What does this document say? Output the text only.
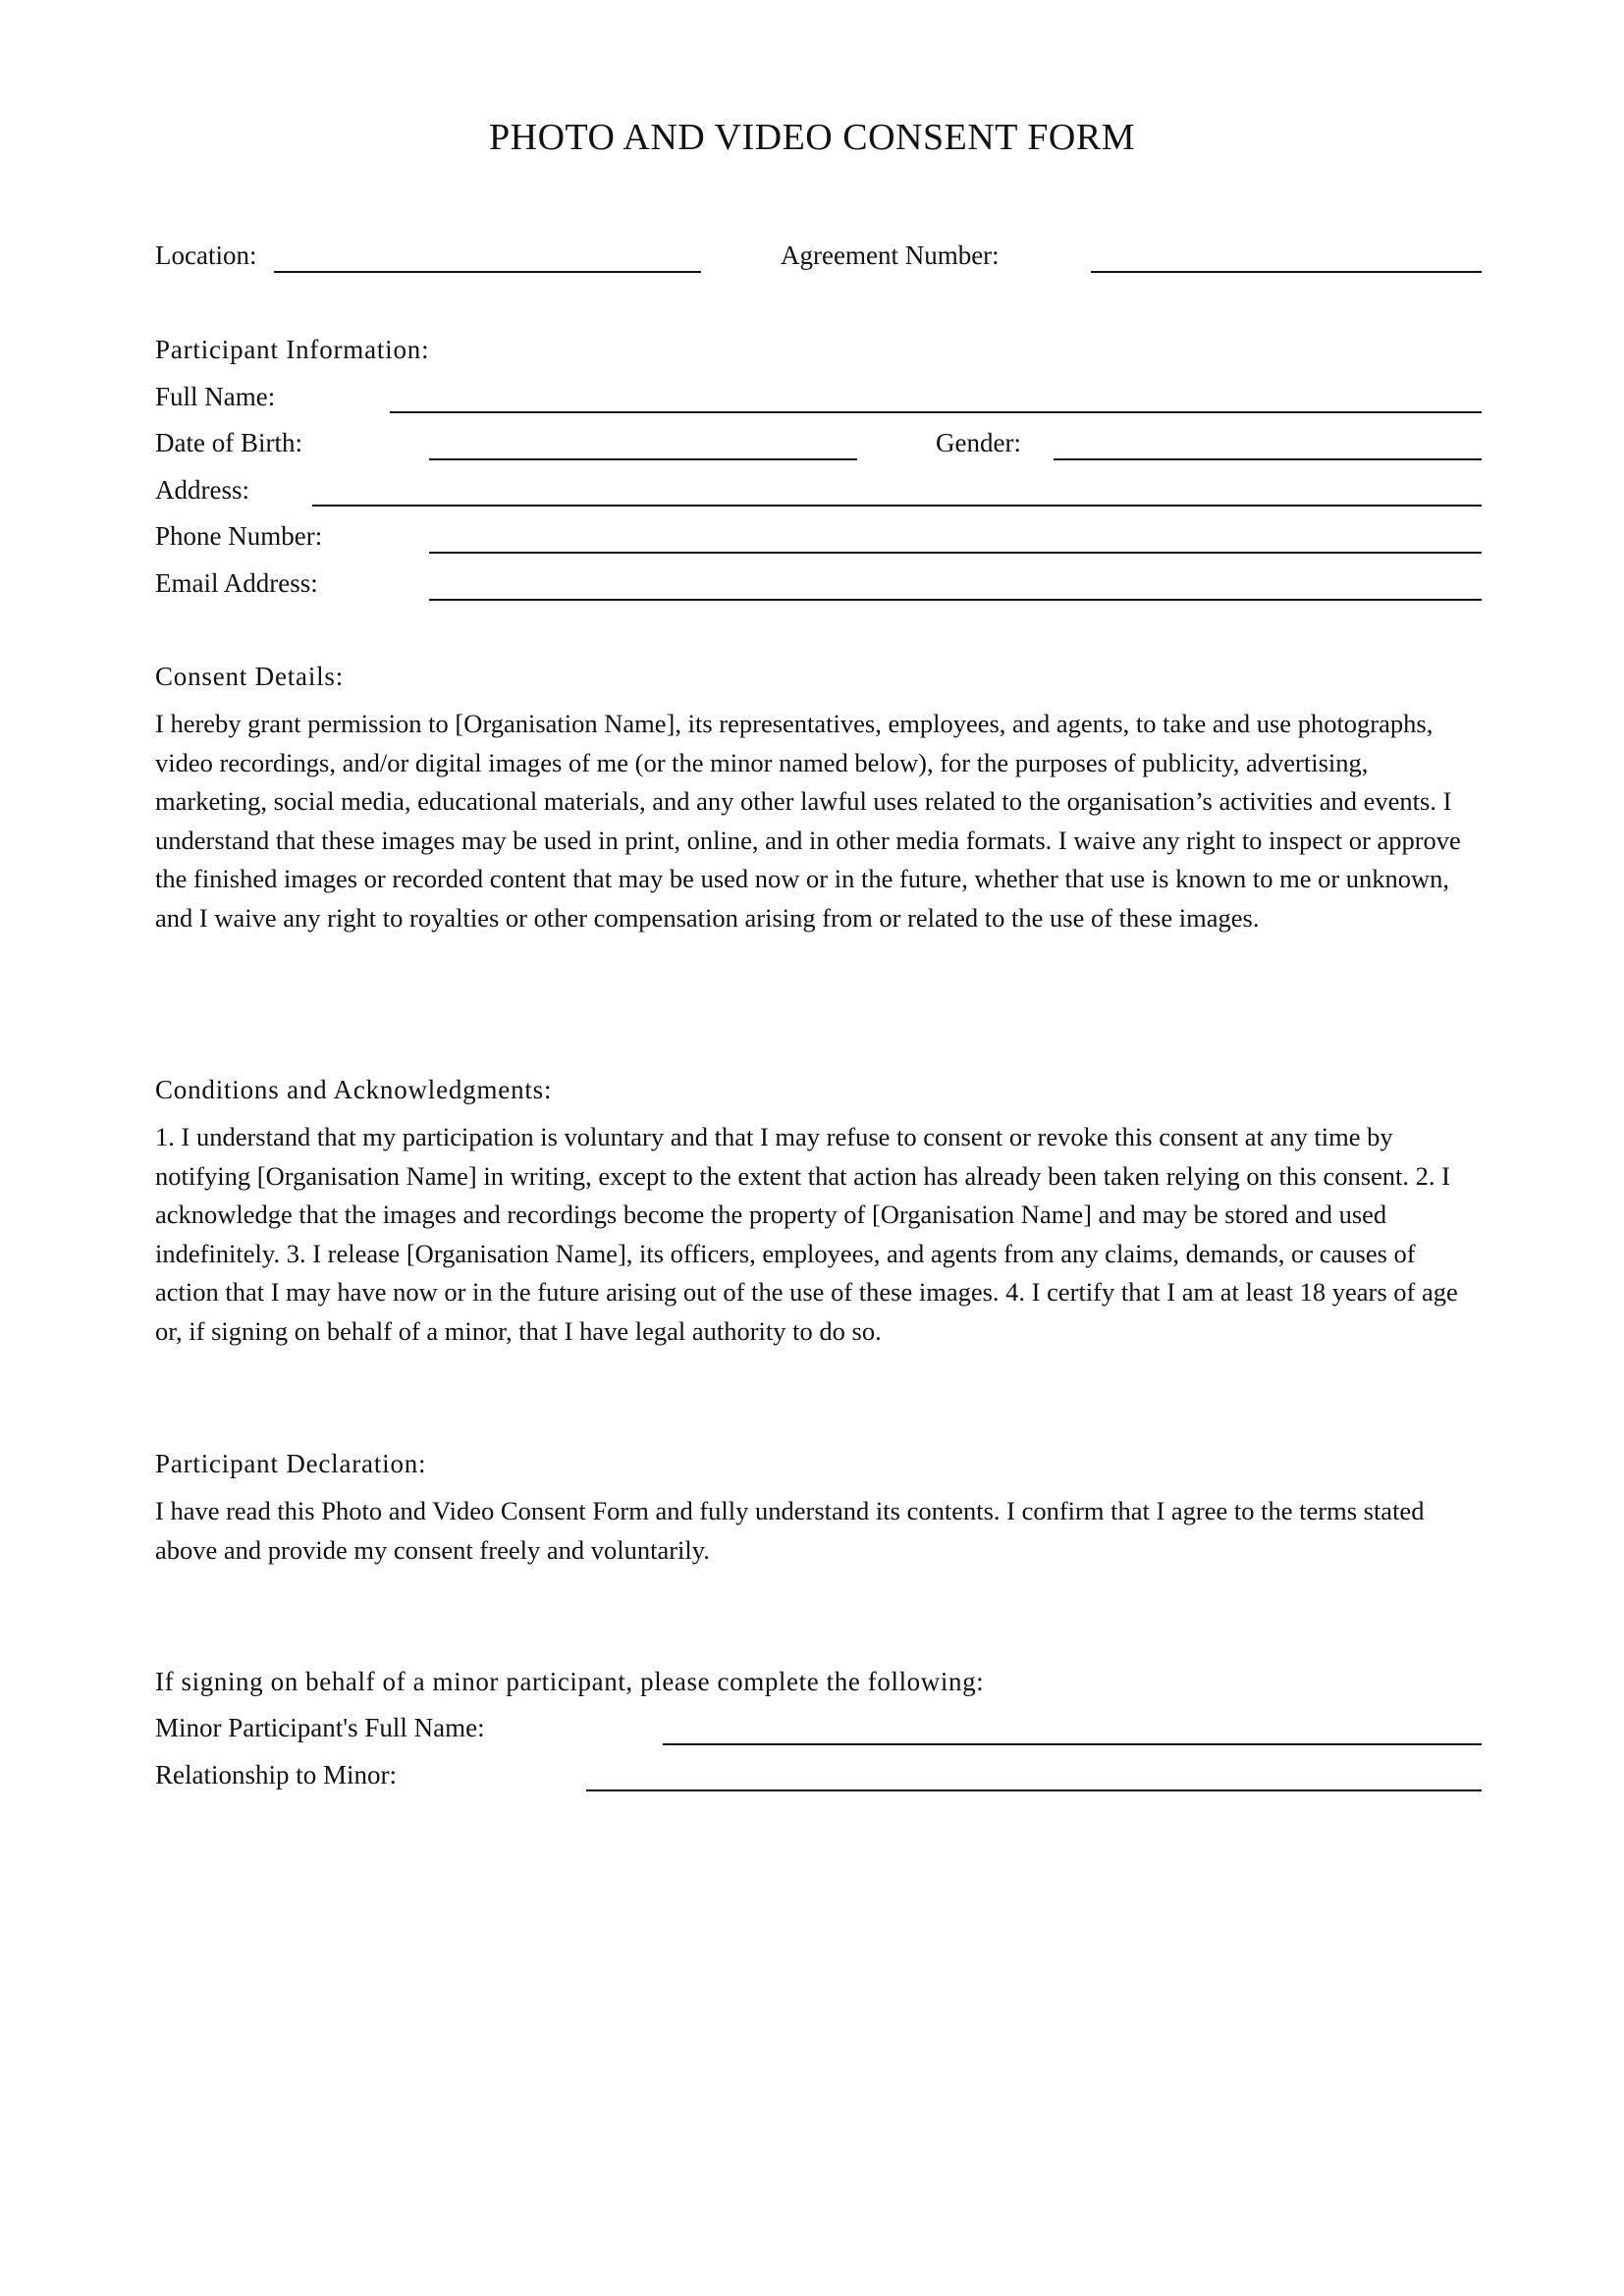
PHOTO AND VIDEO CONSENT FORM
Location:	Agreement Number:
Participant Information:
Full Name:
Date of Birth:	Gender:
Address:
Phone Number:
Email Address:
Consent Details:

I hereby grant permission to [Organisation Name], its representatives, employees, and agents, to take and use photographs, video recordings, and/or digital images of me (or the minor named below), for the purposes of publicity, advertising, marketing, social media, educational materials, and any other lawful uses related to the organisation’s activities and events. I understand that these images may be used in print, online, and in other media formats. I waive any right to inspect or approve the finished images or recorded content that may be used now or in the future, whether that use is known to me or unknown, and I waive any right to royalties or other compensation arising from or related to the use of these images.

Conditions and Acknowledgments:

1. I understand that my participation is voluntary and that I may refuse to consent or revoke this consent at any time by notifying [Organisation Name] in writing, except to the extent that action has already been taken relying on this consent. 2. I acknowledge that the images and recordings become the property of [Organisation Name] and may be stored and used indefinitely. 3. I release [Organisation Name], its officers, employees, and agents from any claims, demands, or causes of action that I may have now or in the future arising out of the use of these images. 4. I certify that I am at least 18 years of age or, if signing on behalf of a minor, that I have legal authority to do so.

Participant Declaration:

I have read this Photo and Video Consent Form and fully understand its contents. I confirm that I agree to the terms stated above and provide my consent freely and voluntarily.

If signing on behalf of a minor participant, please complete the following:
Minor Participant's Full Name:
Relationship to Minor:
